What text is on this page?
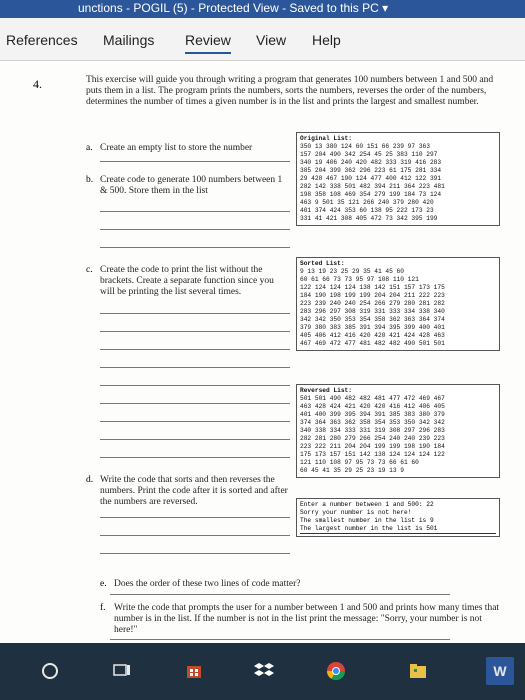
unctions - POGIL (5) - Protected View - Saved to this PC ▾
References Mailings Review View Help
4.	This exercise will guide you through writing a program that generates 100 numbers between 1 and 500 and puts them in a list. The program prints the numbers, sorts the numbers, reverses the order of the numbers, determines the number of times a given number is in the list and prints the largest and smallest number.
a. Create an empty list to store the number
b. Create code to generate 100 numbers between 1 & 500. Store them in the list
c. Create the code to print the list without the brackets. Create a separate function since you will be printing the list several times.
d. Write the code that sorts and then reverses the numbers. Print the code after it is sorted and after the numbers are reversed.
e. Does the order of these two lines of code matter?
f. Write the code that prompts the user for a number between 1 and 500 and prints how many times that number is in the list. If the number is not in the list print the message: "Sorry, your number is not here!"
Original List:
350 13 380 124 60 151 66 239 97 363
157 204 490 342 254 45 25 383 110 297
340 19 406 240 420 482 333 319 416 283
385 204 399 362 296 223 61 175 281 334
29 428 467 190 124 477 400 412 122 391
282 142 338 501 482 394 211 364 223 481
198 358 108 469 354 279 199 184 73 124
463 9 501 35 121 266 240 379 280 420
401 374 424 353 60 138 95 222 173 23
331 41 421 308 405 472 73 342 395 199
Sorted List:
9 13 19 23 25 29 35 41 45 60
60 61 66 73 73 95 97 108 110 121
122 124 124 124 138 142 151 157 173 175
184 190 198 199 199 204 204 211 222 223
223 239 240 240 254 266 279 280 281 282
283 296 297 308 319 331 333 334 338 340
342 342 350 353 354 358 362 363 364 374
379 380 383 385 391 394 395 399 400 401
405 406 412 416 420 420 421 424 428 463
467 469 472 477 481 482 482 490 501 501
Reversed List:
501 501 490 482 482 481 477 472 469 467
463 428 424 421 420 420 416 412 406 405
401 400 399 395 394 391 385 383 380 379
374 364 363 362 358 354 353 350 342 342
340 338 334 333 331 319 308 297 296 283
282 281 280 279 266 254 240 240 239 223
223 222 211 204 204 199 199 198 190 184
175 173 157 151 142 138 124 124 124 122
121 110 108 97 95 73 73 66 61 60
60 45 41 35 29 25 23 19 13 9
Enter a number between 1 and 500: 22
Sorry your number is not here!
The smallest number in the list is 9
The largest number in the list is 501
W
